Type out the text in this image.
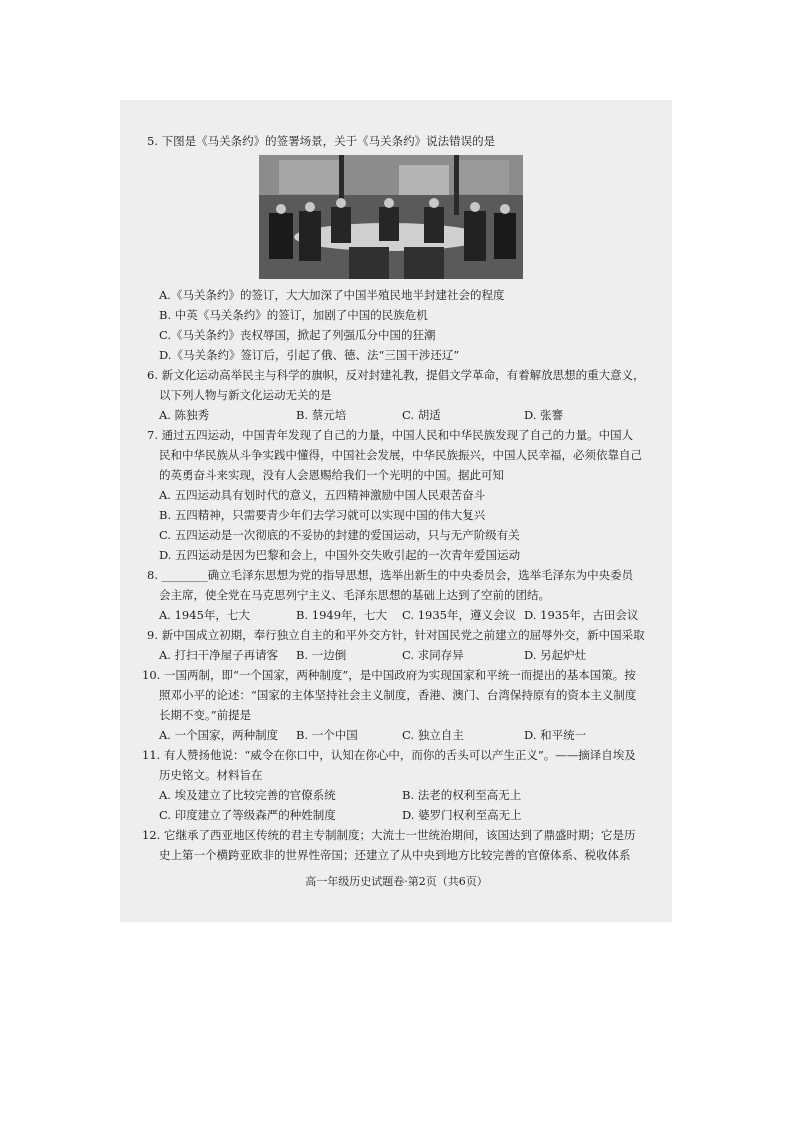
5. 下图是《马关条约》的签署场景，关于《马关条约》说法错误的是
A.《马关条约》的签订，大大加深了中国半殖民地半封建社会的程度
B. 中英《马关条约》的签订，加剧了中国的民族危机
C.《马关条约》丧权辱国，掀起了列强瓜分中国的狂潮
D.《马关条约》签订后，引起了俄、德、法“三国干涉还辽”
6. 新文化运动高举民主与科学的旗帜，反对封建礼教，提倡文学革命，有着解放思想的重大意义，
以下列人物与新文化运动无关的是
A. 陈独秀	B. 蔡元培	C. 胡适	D. 张謇
7. 通过五四运动，中国青年发现了自己的力量，中国人民和中华民族发现了自己的力量。中国人
民和中华民族从斗争实践中懂得，中国社会发展，中华民族振兴，中国人民幸福，必须依靠自己
的英勇奋斗来实现，没有人会恩赐给我们一个光明的中国。据此可知
A. 五四运动具有划时代的意义，五四精神激励中国人民艰苦奋斗
B. 五四精神，只需要青少年们去学习就可以实现中国的伟大复兴
C. 五四运动是一次彻底的不妥协的封建的爱国运动，只与无产阶级有关
D. 五四运动是因为巴黎和会上，中国外交失败引起的一次青年爱国运动
8. ________确立毛泽东思想为党的指导思想，选举出新生的中央委员会，选举毛泽东为中央委员
会主席，使全党在马克思列宁主义、毛泽东思想的基础上达到了空前的团结。
A. 1945年，七大	B. 1949年，七大 C. 1935年，遵义会议 D. 1935年，古田会议
9. 新中国成立初期，奉行独立自主的和平外交方针，针对国民党之前建立的屈辱外交，新中国采取
A. 打扫干净屋子再请客 B. 一边倒	C. 求同存异	D. 另起炉灶
10. 一国两制，即“一个国家，两种制度”，是中国政府为实现国家和平统一而提出的基本国策。按
照邓小平的论述：“国家的主体坚持社会主义制度，香港、澳门、台湾保持原有的资本主义制度
长期不变。”前提是
A. 一个国家，两种制度 B. 一个中国	C. 独立自主	D. 和平统一
11. 有人赞扬他说：“威令在你口中，认知在你心中，而你的舌头可以产生正义”。——摘译自埃及
历史铭文。材料旨在
A. 埃及建立了比较完善的官僚系统	B. 法老的权利至高无上
C. 印度建立了等级森严的种姓制度	D. 婆罗门权利至高无上
12. 它继承了西亚地区传统的君主专制制度；大流士一世统治期间，该国达到了鼎盛时期；它是历
史上第一个横跨亚欧非的世界性帝国；还建立了从中央到地方比较完善的官僚体系、税收体系
高一年级历史试题卷·第2页（共6页）
